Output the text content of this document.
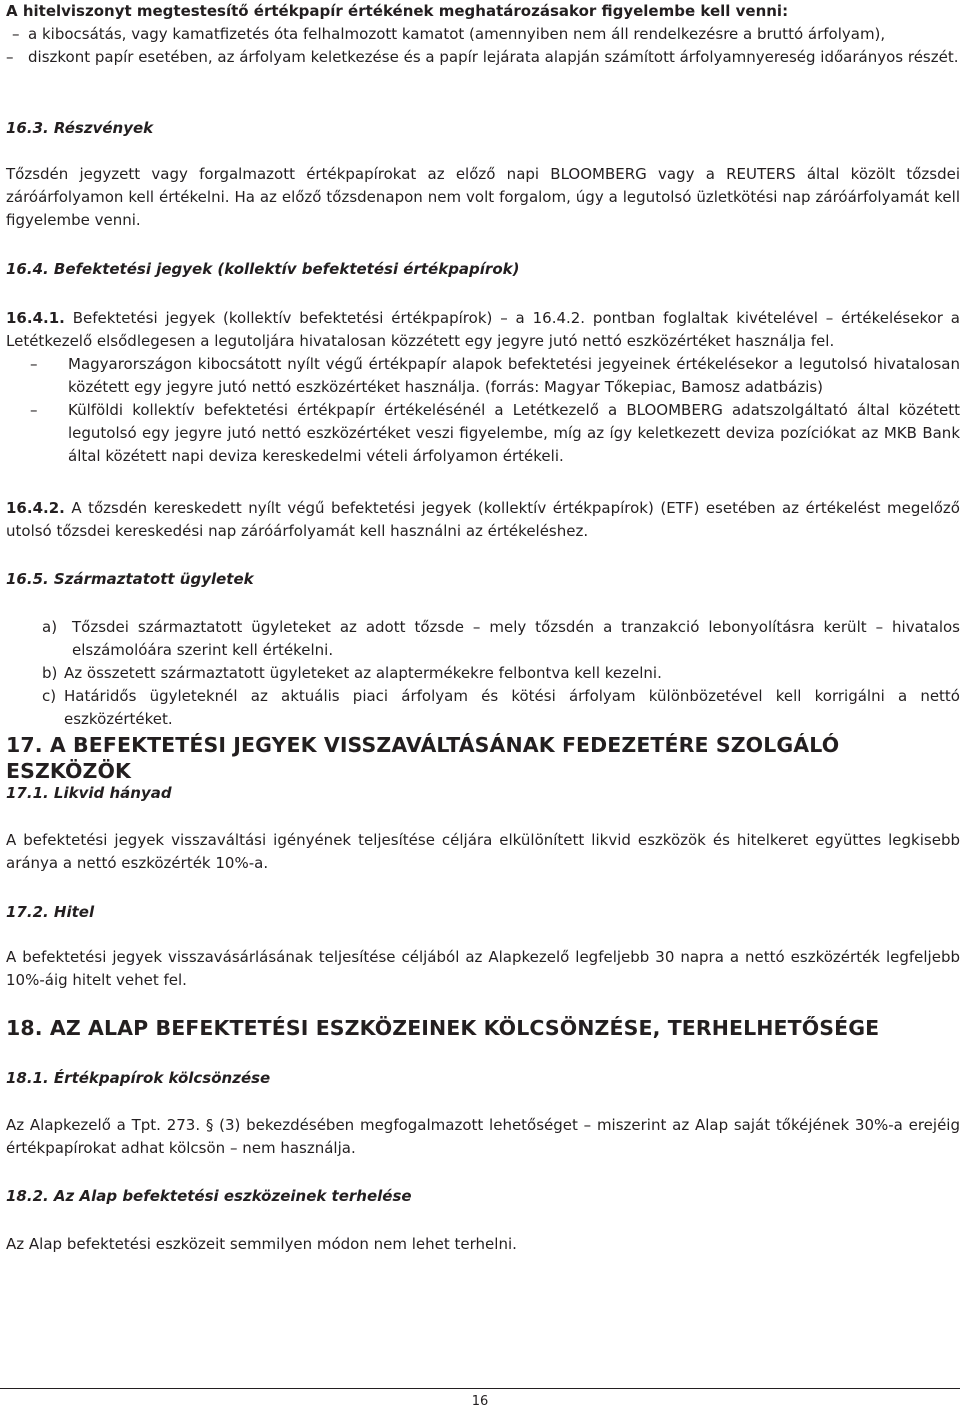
A hitelviszonyt megtestesítő értékpapír értékének meghatározásakor figyelembe kell venni:
– a kibocsátás, vagy kamatfizetés óta felhalmozott kamatot (amennyiben nem áll rendelkezésre a bruttó árfolyam),
– diszkont papír esetében, az árfolyam keletkezése és a papír lejárata alapján számított árfolyamnyereség időarányos részét.
16.3. Részvények
Tőzsdén jegyzett vagy forgalmazott értékpapírokat az előző napi BLOOMBERG vagy a REUTERS által közölt tőzsdei záróárfolyamon kell értékelni. Ha az előző tőzsdenapon nem volt forgalom, úgy a legutolsó üzletkötési nap záróárfolyamát kell figyelembe venni.
16.4. Befektetési jegyek (kollektív befektetési értékpapírok)
16.4.1. Befektetési jegyek (kollektív befektetési értékpapírok) – a 16.4.2. pontban foglaltak kivételével – értékelésekor a Letétkezelő elsődlegesen a legutoljára hivatalosan közzétett egy jegyre jutó nettó eszközértéket használja fel.
– Magyarországon kibocsátott nyílt végű értékpapír alapok befektetési jegyeinek értékelésekor a legutolsó hivatalosan közétett egy jegyre jutó nettó eszközértéket használja. (forrás: Magyar Tőkepiac, Bamosz adatbázis)
– Külföldi kollektív befektetési értékpapír értékelésénél a Letétkezelő a BLOOMBERG adatszolgáltató által közétett legutolsó egy jegyre jutó nettó eszközértéket veszi figyelembe, míg az így keletkezett deviza pozíciókat az MKB Bank által közétett napi deviza kereskedelmi vételi árfolyamon értékeli.
16.4.2. A tőzsdén kereskedett nyílt végű befektetési jegyek (kollektív értékpapírok) (ETF) esetében az értékelést megelőző utolsó tőzsdei kereskedési nap záróárfolyamát kell használni az értékeléshez.
16.5. Származtatott ügyletek
a) Tőzsdei származtatott ügyleteket az adott tőzsde – mely tőzsdén a tranzakció lebonyolításra került – hivatalos elszámolóára szerint kell értékelni.
b) Az összetett származtatott ügyleteket az alaptermékekre felbontva kell kezelni.
c) Határidős ügyleteknél az aktuális piaci árfolyam és kötési árfolyam különbözetével kell korrigálni a nettó eszközértéket.
17. A BEFEKTETÉSI JEGYEK VISSZAVÁLTÁSÁNAK FEDEZETÉRE SZOLGÁLÓ ESZKÖZÖK
17.1. Likvid hányad
A befektetési jegyek visszaváltási igényének teljesítése céljára elkülönített likvid eszközök és hitelkeret együttes legkisebb aránya a nettó eszközérték 10%-a.
17.2. Hitel
A befektetési jegyek visszavásárlásának teljesítése céljából az Alapkezelő legfeljebb 30 napra a nettó eszközérték legfeljebb 10%-áig hitelt vehet fel.
18. AZ ALAP BEFEKTETÉSI ESZKÖZEINEK KÖLCSÖNZÉSE, TERHELHETŐSÉGE
18.1. Értékpapírok kölcsönzése
Az Alapkezelő a Tpt. 273. § (3) bekezdésében megfogalmazott lehetőséget – miszerint az Alap saját tőkéjének 30%-a erejéig értékpapírokat adhat kölcsön – nem használja.
18.2. Az Alap befektetési eszközeinek terhelése
Az Alap befektetési eszközeit semmilyen módon nem lehet terhelni.
16
